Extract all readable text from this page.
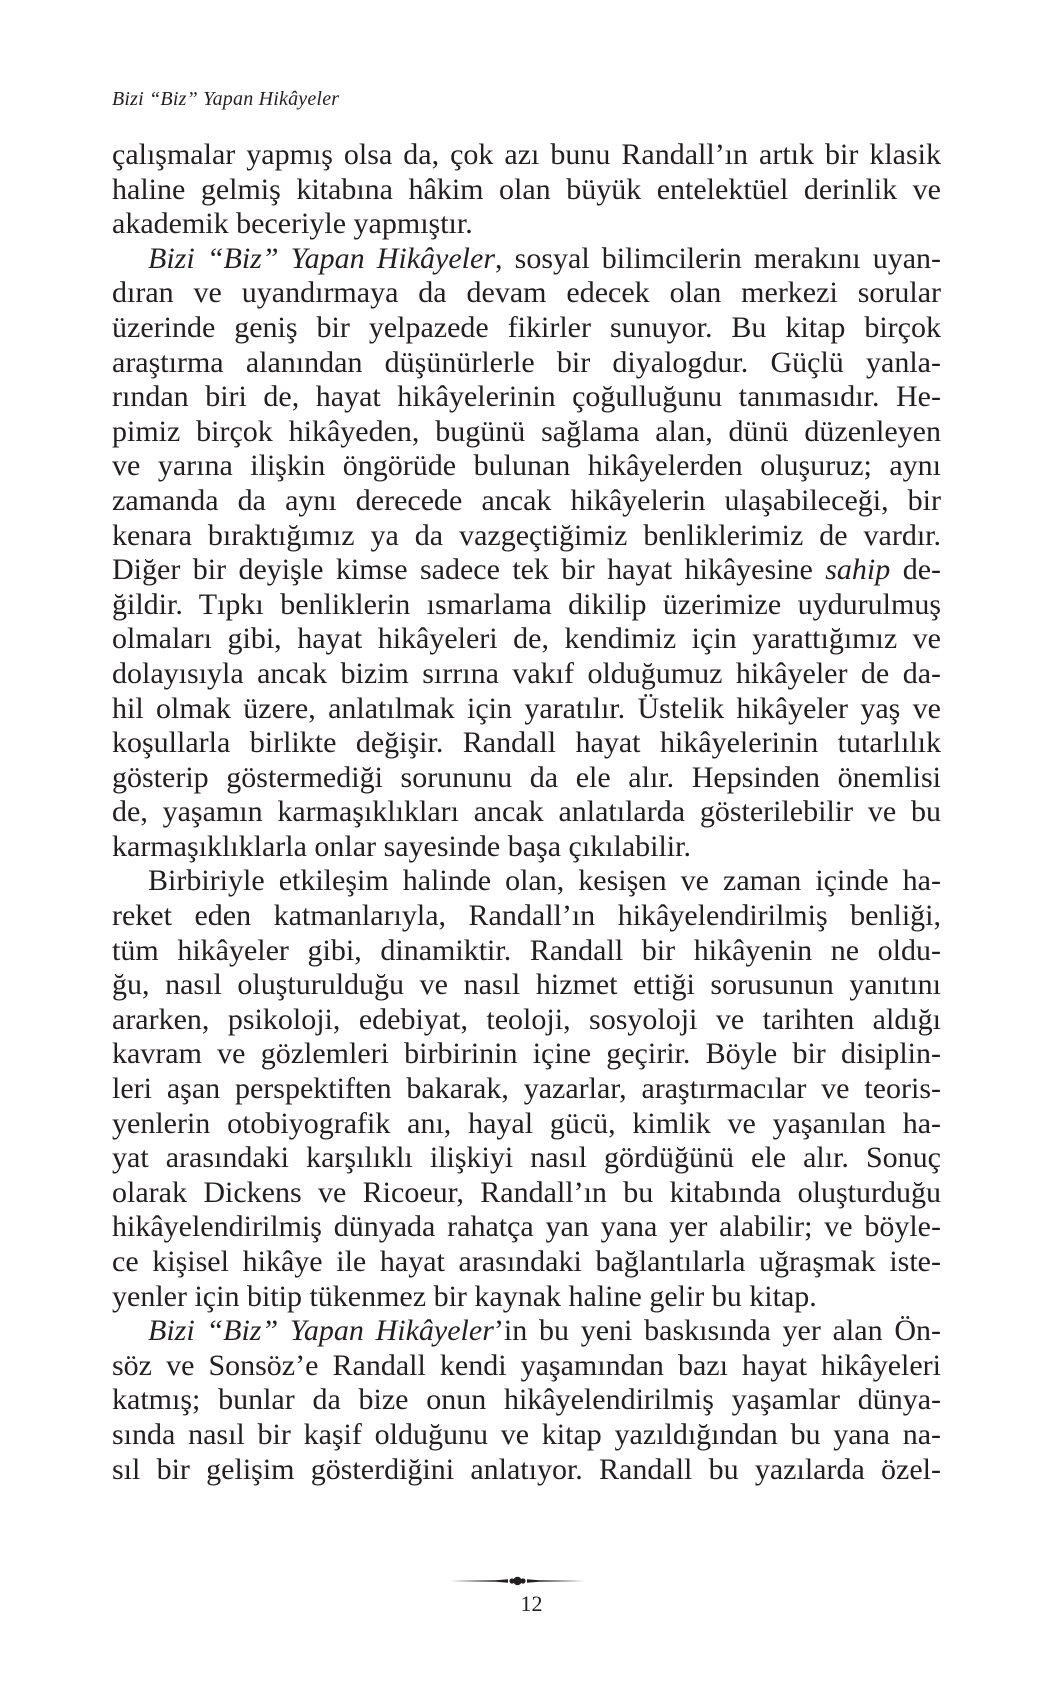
Bizi “Biz” Yapan Hikâyeler
çalışmalar yapmış olsa da, çok azı bunu Randall’ın artık bir klasik
haline gelmiş kitabına hâkim olan büyük entelektüel derinlik ve
akademik beceriyle yapmıştır.
Bizi “Biz” Yapan Hikâyeler, sosyal bilimcilerin merakını uyan-
dıran ve uyandırmaya da devam edecek olan merkezi sorular
üzerinde geniş bir yelpazede fikirler sunuyor. Bu kitap birçok
araştırma alanından düşünürlerle bir diyalogdur. Güçlü yanla-
rından biri de, hayat hikâyelerinin çoğulluğunu tanımasıdır. He-
pimiz birçok hikâyeden, bugünü sağlama alan, dünü düzenleyen
ve yarına ilişkin öngörüde bulunan hikâyelerden oluşuruz; aynı
zamanda da aynı derecede ancak hikâyelerin ulaşabileceği, bir
kenara bıraktığımız ya da vazgeçtiğimiz benliklerimiz de vardır.
Diğer bir deyişle kimse sadece tek bir hayat hikâyesine sahip de-
ğildir. Tıpkı benliklerin ısmarlama dikilip üzerimize uydurulmuş
olmaları gibi, hayat hikâyeleri de, kendimiz için yarattığımız ve
dolayısıyla ancak bizim sırrına vakıf olduğumuz hikâyeler de da-
hil olmak üzere, anlatılmak için yaratılır. Üstelik hikâyeler yaş ve
koşullarla birlikte değişir. Randall hayat hikâyelerinin tutarlılık
gösterip göstermediği sorununu da ele alır. Hepsinden önemlisi
de, yaşamın karmaşıklıkları ancak anlatılarda gösterilebilir ve bu
karmaşıklıklarla onlar sayesinde başa çıkılabilir.
Birbiriyle etkileşim halinde olan, kesişen ve zaman içinde ha-
reket eden katmanlarıyla, Randall’ın hikâyelendirilmiş benliği,
tüm hikâyeler gibi, dinamiktir. Randall bir hikâyenin ne oldu-
ğu, nasıl oluşturulduğu ve nasıl hizmet ettiği sorusunun yanıtını
ararken, psikoloji, edebiyat, teoloji, sosyoloji ve tarihten aldığı
kavram ve gözlemleri birbirinin içine geçirir. Böyle bir disiplin-
leri aşan perspektiften bakarak, yazarlar, araştırmacılar ve teoris-
yenlerin otobiyografik anı, hayal gücü, kimlik ve yaşanılan ha-
yat arasındaki karşılıklı ilişkiyi nasıl gördüğünü ele alır. Sonuç
olarak Dickens ve Ricoeur, Randall’ın bu kitabında oluşturduğu
hikâyelendirilmiş dünyada rahatça yan yana yer alabilir; ve böyle-
ce kişisel hikâye ile hayat arasındaki bağlantılarla uğraşmak iste-
yenler için bitip tükenmez bir kaynak haline gelir bu kitap.
Bizi “Biz” Yapan Hikâyeler’in bu yeni baskısında yer alan Ön-
söz ve Sonsöz’e Randall kendi yaşamından bazı hayat hikâyeleri
katmış; bunlar da bize onun hikâyelendirilmiş yaşamlar dünya-
sında nasıl bir kaşif olduğunu ve kitap yazıldığından bu yana na-
sıl bir gelişim gösterdiğini anlatıyor. Randall bu yazılarda özel-
12
